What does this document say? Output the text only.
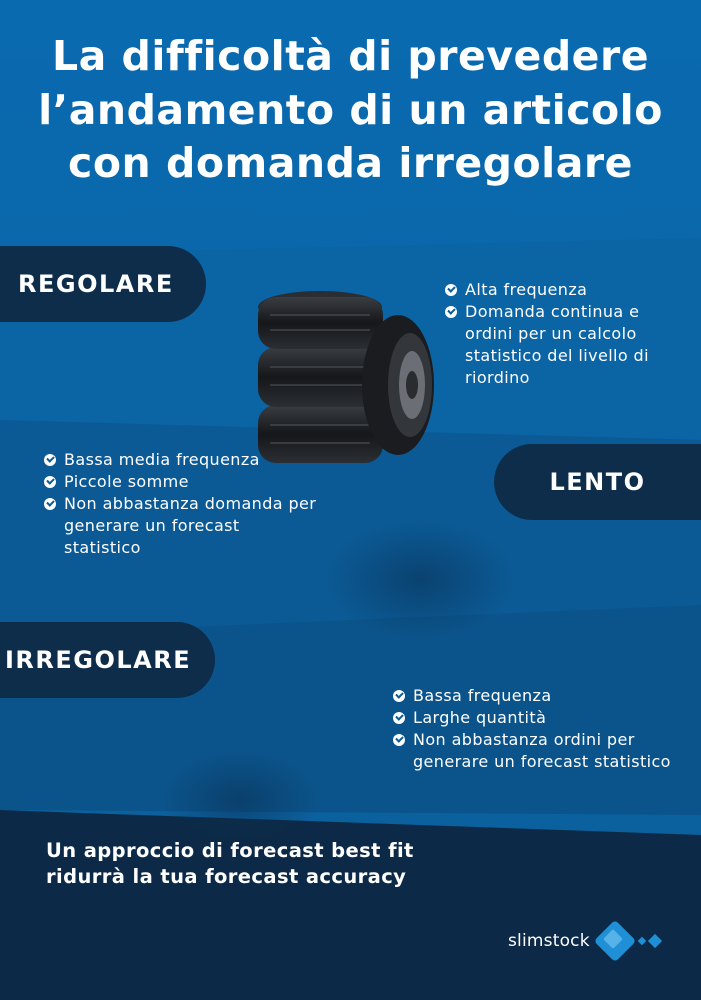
La difficoltà di prevedere l’andamento di un articolo con domanda irregolare
REGOLARE	Alta frequenza
Domanda continua e ordini per un calcolo statistico del livello di riordino
Bassa media frequenza
Piccole somme
Non abbastanza domanda per generare un forecast statistico
LENTO
IRREGOLARE
Bassa frequenza
Larghe quantità
Non abbastanza ordini per generare un forecast statistico
Un approccio di forecast best fit ridurrà la tua forecast accuracy
slimstock
